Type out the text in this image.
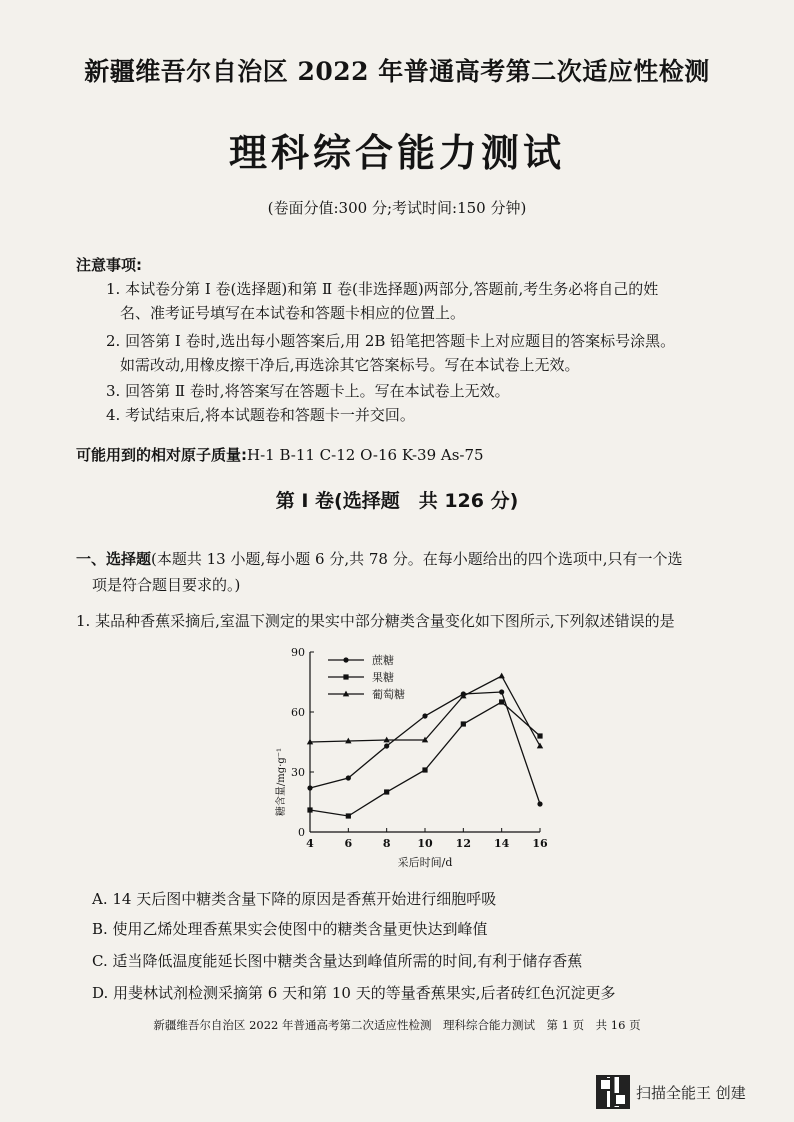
新疆维吾尔自治区 2022 年普通高考第二次适应性检测
理科综合能力测试
(卷面分值:300 分;考试时间:150 分钟)
注意事项:
1. 本试卷分第 Ⅰ 卷(选择题)和第 Ⅱ 卷(非选择题)两部分,答题前,考生务必将自己的姓
名、准考证号填写在本试卷和答题卡相应的位置上。
2. 回答第 Ⅰ 卷时,选出每小题答案后,用 2B 铅笔把答题卡上对应题目的答案标号涂黑。
如需改动,用橡皮擦干净后,再选涂其它答案标号。写在本试卷上无效。
3. 回答第 Ⅱ 卷时,将答案写在答题卡上。写在本试卷上无效。
4. 考试结束后,将本试题卷和答题卡一并交回。
可能用到的相对原子质量:H-1 B-11 C-12 O-16 K-39 As-75
第 Ⅰ 卷(选择题　共 126 分)
一、选择题(本题共 13 小题,每小题 6 分,共 78 分。在每小题给出的四个选项中,只有一个选
项是符合题目要求的。)
1. 某品种香蕉采摘后,室温下测定的果实中部分糖类含量变化如下图所示,下列叙述错误的是
0
30
60
90
4	6	8 10 12 14 16
采后时间/d
糖含量/mg·g⁻¹
蔗糖
果糖
葡萄糖
A. 14 天后图中糖类含量下降的原因是香蕉开始进行细胞呼吸
B. 使用乙烯处理香蕉果实会使图中的糖类含量更快达到峰值
C. 适当降低温度能延长图中糖类含量达到峰值所需的时间,有利于储存香蕉
D. 用斐林试剂检测采摘第 6 天和第 10 天的等量香蕉果实,后者砖红色沉淀更多
新疆维吾尔自治区 2022 年普通高考第二次适应性检测　理科综合能力测试　第 1 页　共 16 页
扫描全能王 创建
